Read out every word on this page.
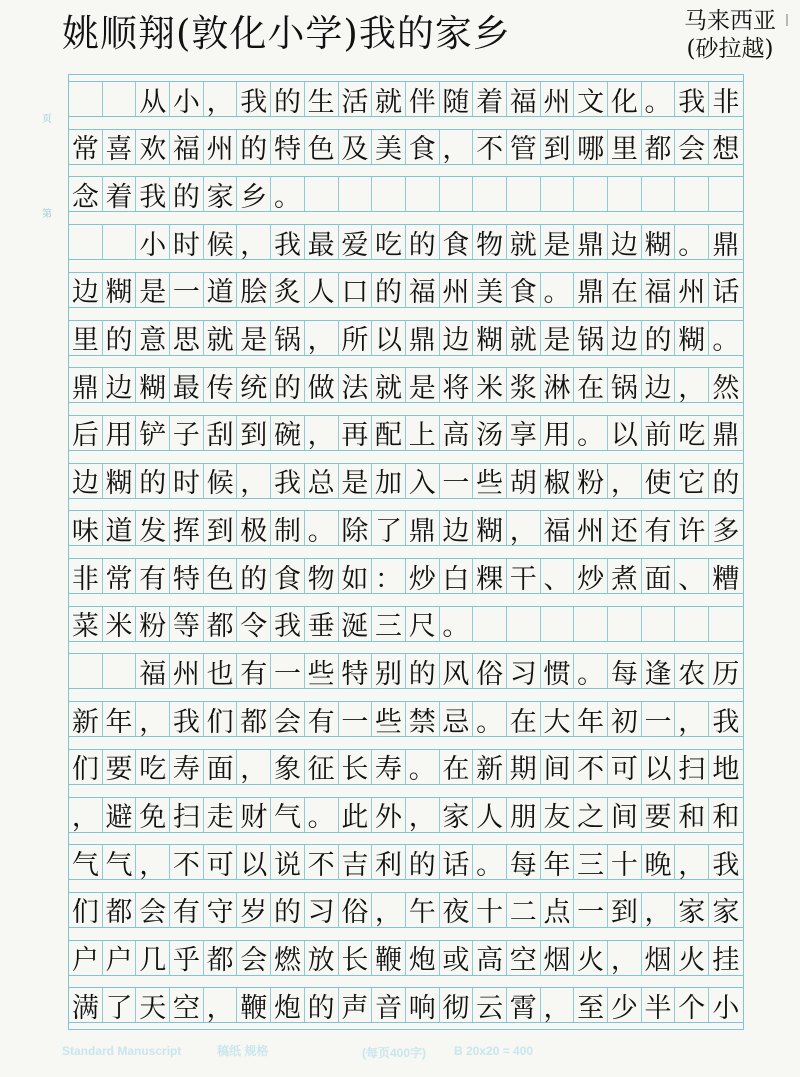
姚顺翔(敦化小学)我的家乡	马来西亚
(砂拉越)
页
第
从 小 ， 我 的 生 活 就 伴 随 着 福 州 文 化 。 我 非
常 喜 欢 福 州 的 特 色 及 美 食 ， 不 管 到 哪 里 都 会 想
念 着 我 的 家 乡 。
小 时 候 ， 我 最 爱 吃 的 食 物 就 是 鼎 边 糊 。 鼎
边 糊 是 一 道 脍 炙 人 口 的 福 州 美 食 。 鼎 在 福 州 话
里 的 意 思 就 是 锅 ， 所 以 鼎 边 糊 就 是 锅 边 的 糊 。
鼎 边 糊 最 传 统 的 做 法 就 是 将 米 浆 淋 在 锅 边 ， 然
后 用 铲 子 刮 到 碗 ， 再 配 上 高 汤 享 用 。 以 前 吃 鼎
边 糊 的 时 候 ， 我 总 是 加 入 一 些 胡 椒 粉 ， 使 它 的
味 道 发 挥 到 极 制 。 除 了 鼎 边 糊 ， 福 州 还 有 许 多
非 常 有 特 色 的 食 物 如 ： 炒 白 粿 干 、 炒 煮 面 、 糟
菜 米 粉 等 都 令 我 垂 涎 三 尺 。
福 州 也 有 一 些 特 别 的 风 俗 习 惯 。 每 逢 农 历
新 年 ， 我 们 都 会 有 一 些 禁 忌 。 在 大 年 初 一 ， 我
们 要 吃 寿 面 ， 象 征 长 寿 。 在 新 期 间 不 可 以 扫 地
， 避 免 扫 走 财 气 。 此 外 ， 家 人 朋 友 之 间 要 和 和
气 气 ， 不 可 以 说 不 吉 利 的 话 。 每 年 三 十 晚 ， 我
们 都 会 有 守 岁 的 习 俗 ， 午 夜 十 二 点 一 到 ， 家 家
户 户 几 乎 都 会 燃 放 长 鞭 炮 或 高 空 烟 火 ， 烟 火 挂
满 了 天 空 ， 鞭 炮 的 声 音 响 彻 云 霄 ， 至 少 半 个 小
Standard Manuscript	稿纸 规格	(每页400字) B 20x20 = 400
